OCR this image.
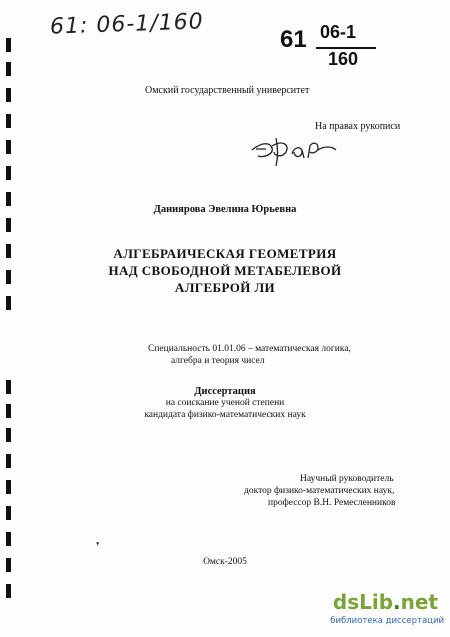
61: 06-1/160	61 06-1
160
Омский государственный университет
На правах рукописи
Даниярова Эвелина Юрьевна
АЛГЕБРАИЧЕСКАЯ ГЕОМЕТРИЯ
НАД СВОБОДНОЙ МЕТАБЕЛЕВОЙ
АЛГЕБРОЙ ЛИ
Специальность 01.01.06 – математическая логика,
алгебра и теория чисел
Диссертация
на соискание ученой степени
кандидата физико-математических наук
Научный руководитель
доктор физико-математических наук,
профессор В.Н. Ремесленников
❜
Омск-2005
dsLib.net
библиотека диссертаций
